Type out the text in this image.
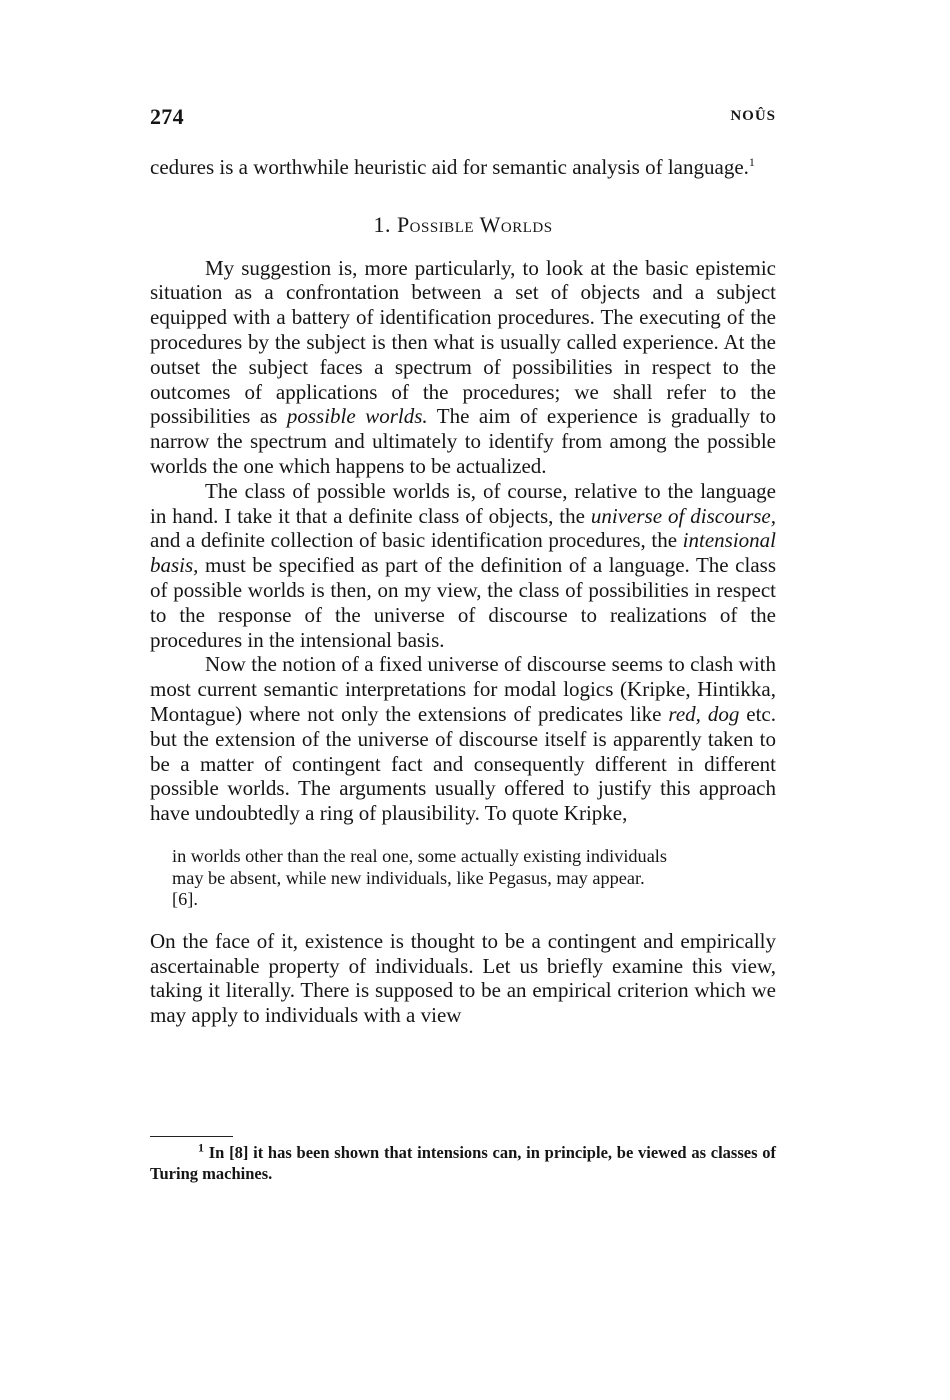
274	NOÛS

cedures is a worthwhile heuristic aid for semantic analysis of language.$^1$

1. Possible Worlds

My suggestion is, more particularly, to look at the basic epistemic situation as a confrontation between a set of objects and a subject equipped with a battery of identification procedures. The executing of the procedures by the subject is then what is usually called experience. At the outset the subject faces a spectrum of possibilities in respect to the outcomes of applications of the procedures; we shall refer to the possibilities as possible worlds. The aim of experience is gradually to narrow the spectrum and ultimately to identify from among the possible worlds the one which happens to be actualized.

The class of possible worlds is, of course, relative to the language in hand. I take it that a definite class of objects, the universe of discourse, and a definite collection of basic identification procedures, the intensional basis, must be specified as part of the definition of a language. The class of possible worlds is then, on my view, the class of possibilities in respect to the response of the universe of discourse to realizations of the procedures in the intensional basis.

Now the notion of a fixed universe of discourse seems to clash with most current semantic interpretations for modal logics (Kripke, Hintikka, Montague) where not only the extensions of predicates like red, dog etc. but the extension of the universe of discourse itself is apparently taken to be a matter of contingent fact and consequently different in different possible worlds. The arguments usually offered to justify this approach have undoubtedly a ring of plausibility. To quote Kripke,

in worlds other than the real one, some actually existing individuals
may be absent, while new individuals, like Pegasus, may appear.
[6].

On the face of it, existence is thought to be a contingent and empirically ascertainable property of individuals. Let us briefly examine this view, taking it literally. There is supposed to be an empirical criterion which we may apply to individuals with a view

$^1$ In [8] it has been shown that intensions can, in principle, be viewed as classes of Turing machines.
